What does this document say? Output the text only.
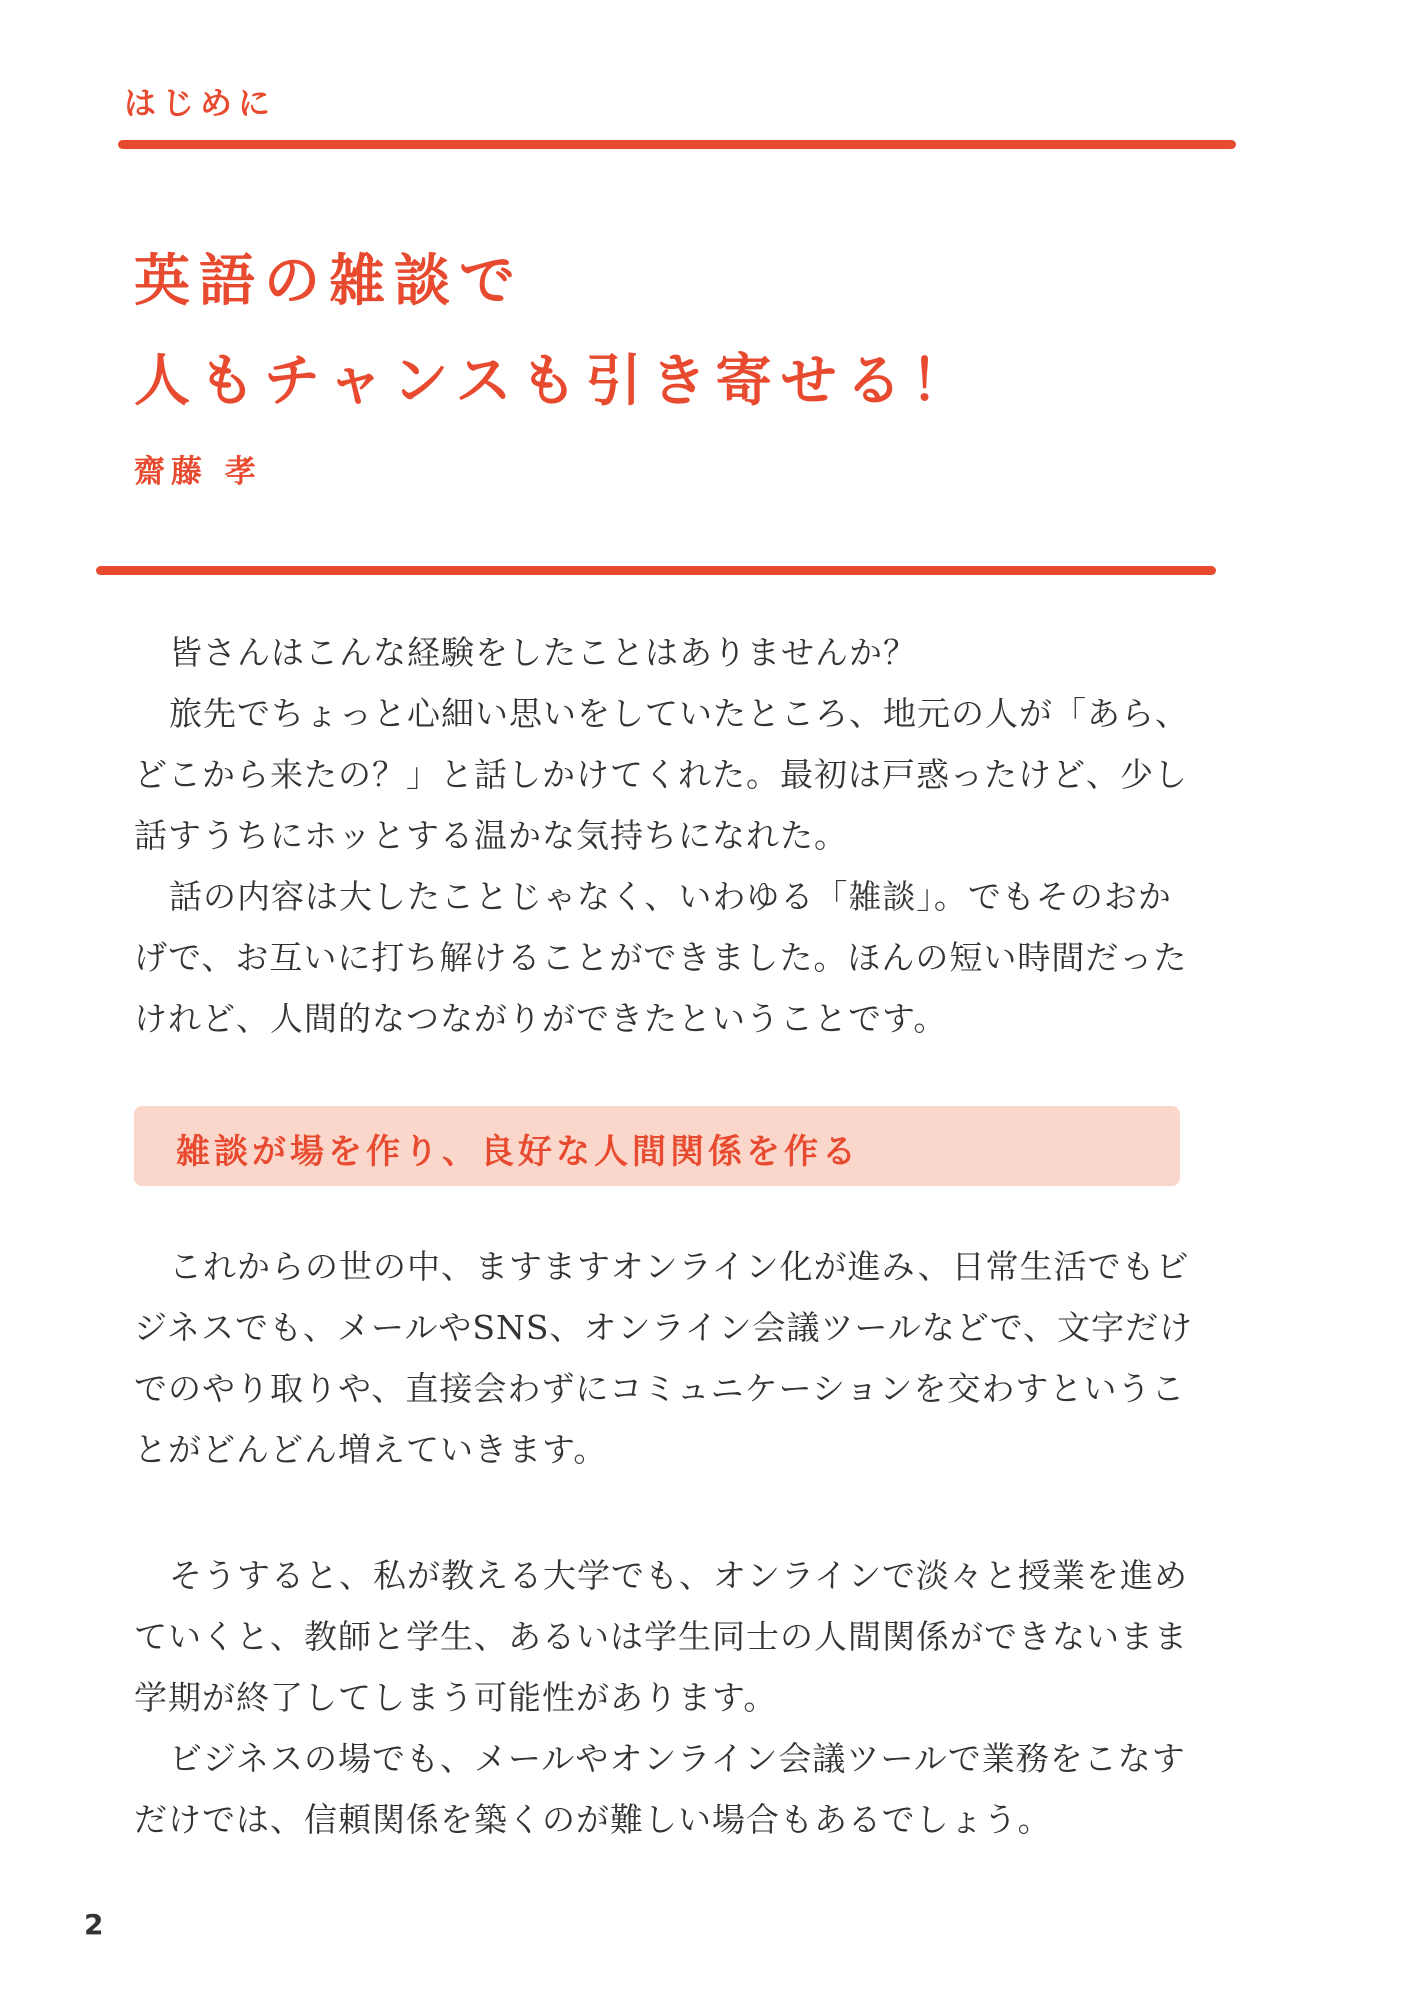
はじめに
英語の雑談で
人もチャンスも引き寄せる！

齋藤 孝

皆さんはこんな経験をしたことはありませんか？

旅先でちょっと心細い思いをしていたところ、地元の人が「あら、どこから来たの？」と話しかけてくれた。最初は戸惑ったけど、少し話すうちにホッとする温かな気持ちになれた。

話の内容は大したことじゃなく、いわゆる「雑談」。でもそのおかげで、お互いに打ち解けることができました。ほんの短い時間だったけれど、人間的なつながりができたということです。

雑談が場を作り、良好な人間関係を作る

これからの世の中、ますますオンライン化が進み、日常生活でもビジネスでも、メールやSNS、オンライン会議ツールなどで、文字だけでのやり取りや、直接会わずにコミュニケーションを交わすということがどんどん増えていきます。

そうすると、私が教える大学でも、オンラインで淡々と授業を進めていくと、教師と学生、あるいは学生同士の人間関係ができないまま学期が終了してしまう可能性があります。

ビジネスの場でも、メールやオンライン会議ツールで業務をこなすだけでは、信頼関係を築くのが難しい場合もあるでしょう。

2
